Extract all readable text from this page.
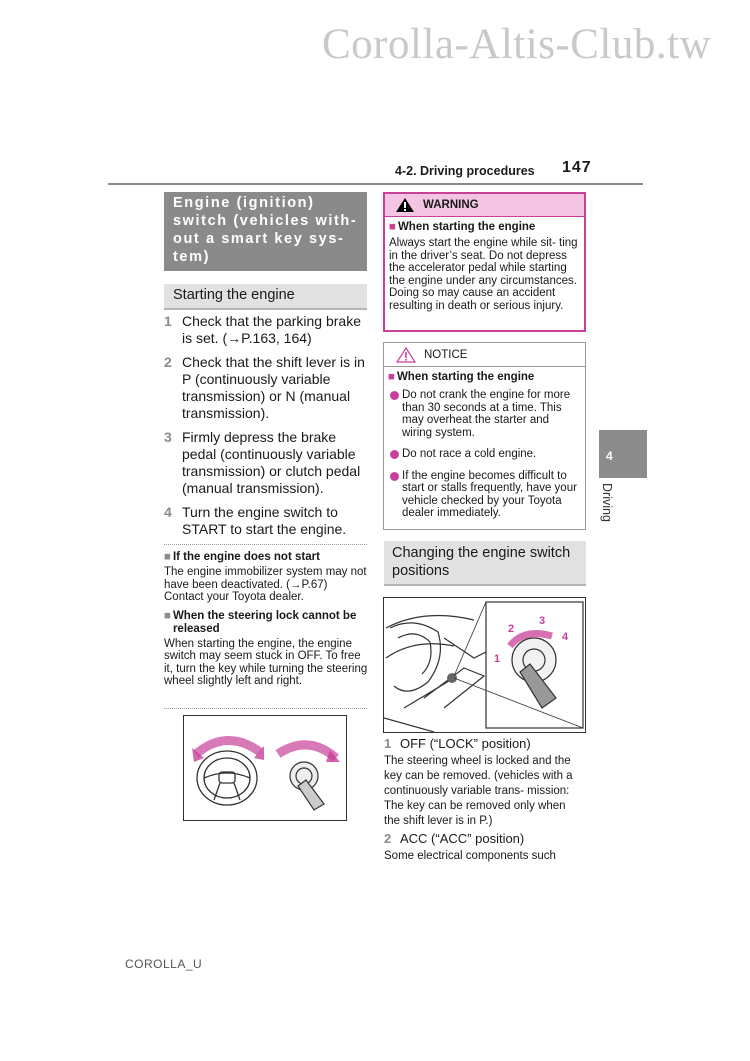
Corolla-Altis-Club.tw
4-2. Driving procedures 147
4
Driving
COROLLA_U
Engine (ignition) switch (vehicles with- out a smart key sys- tem)
Starting the engine
1 Check that the parking brake is set. (→P.163, 164)
2 Check that the shift lever is in P (continuously variable transmission) or N (manual transmission).
3 Firmly depress the brake pedal (continuously variable transmission) or clutch pedal (manual transmission).
4 Turn the engine switch to START to start the engine.
■ If the engine does not start
The engine immobilizer system may not have been deactivated. (→P.67) Contact your Toyota dealer.
■ When the steering lock cannot be released
When starting the engine, the engine switch may seem stuck in OFF. To free it, turn the key while turning the steering wheel slightly left and right.
WARNING
■ When starting the engine
Always start the engine while sit- ting in the driver’s seat. Do not depress the accelerator pedal while starting the engine under any circumstances. Doing so may cause an accident resulting in death or serious injury.
NOTICE
■ When starting the engine
Do not crank the engine for more than 30 seconds at a time. This may overheat the starter and wiring system.
Do not race a cold engine.
If the engine becomes difficult to start or stalls frequently, have your vehicle checked by your Toyota dealer immediately.
Changing the engine switch positions
1
2
3
4
1 OFF (“LOCK” position)
The steering wheel is locked and the key can be removed. (vehicles with a continuously variable trans- mission: The key can be removed only when the shift lever is in P.)
2 ACC (“ACC” position)
Some electrical components such
